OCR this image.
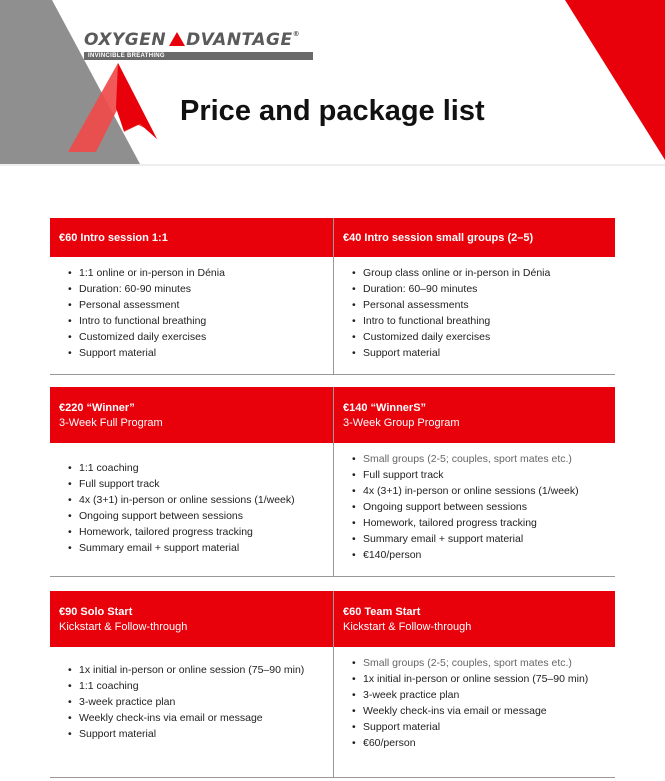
OXYGEN DVANTAGE®
INVINCIBLE BREATHING
Price and package list
€60 Intro session 1:1
• 1:1 online or in-person in Dénia
• Duration: 60-90 minutes
• Personal assessment
• Intro to functional breathing
• Customized daily exercises
• Support material
€40 Intro session small groups (2–5)
• Group class online or in-person in Dénia
• Duration: 60–90 minutes
• Personal assessments
• Intro to functional breathing
• Customized daily exercises
• Support material
€220 “Winner”
3-Week Full Program
• 1:1 coaching
• Full support track
• 4x (3+1) in-person or online sessions (1/week)
• Ongoing support between sessions
• Homework, tailored progress tracking
• Summary email + support material
€140 “WinnerS”
3-Week Group Program
• Small groups (2-5; couples, sport mates etc.)
• Full support track
• 4x (3+1) in-person or online sessions (1/week)
• Ongoing support between sessions
• Homework, tailored progress tracking
• Summary email + support material
• €140/person
€90 Solo Start
Kickstart & Follow-through
• 1x initial in-person or online session (75–90 min)
• 1:1 coaching
• 3-week practice plan
• Weekly check-ins via email or message
• Support material
€60 Team Start
Kickstart & Follow-through
• Small groups (2-5; couples, sport mates etc.)
• 1x initial in-person or online session (75–90 min)
• 3-week practice plan
• Weekly check-ins via email or message
• Support material
• €60/person
